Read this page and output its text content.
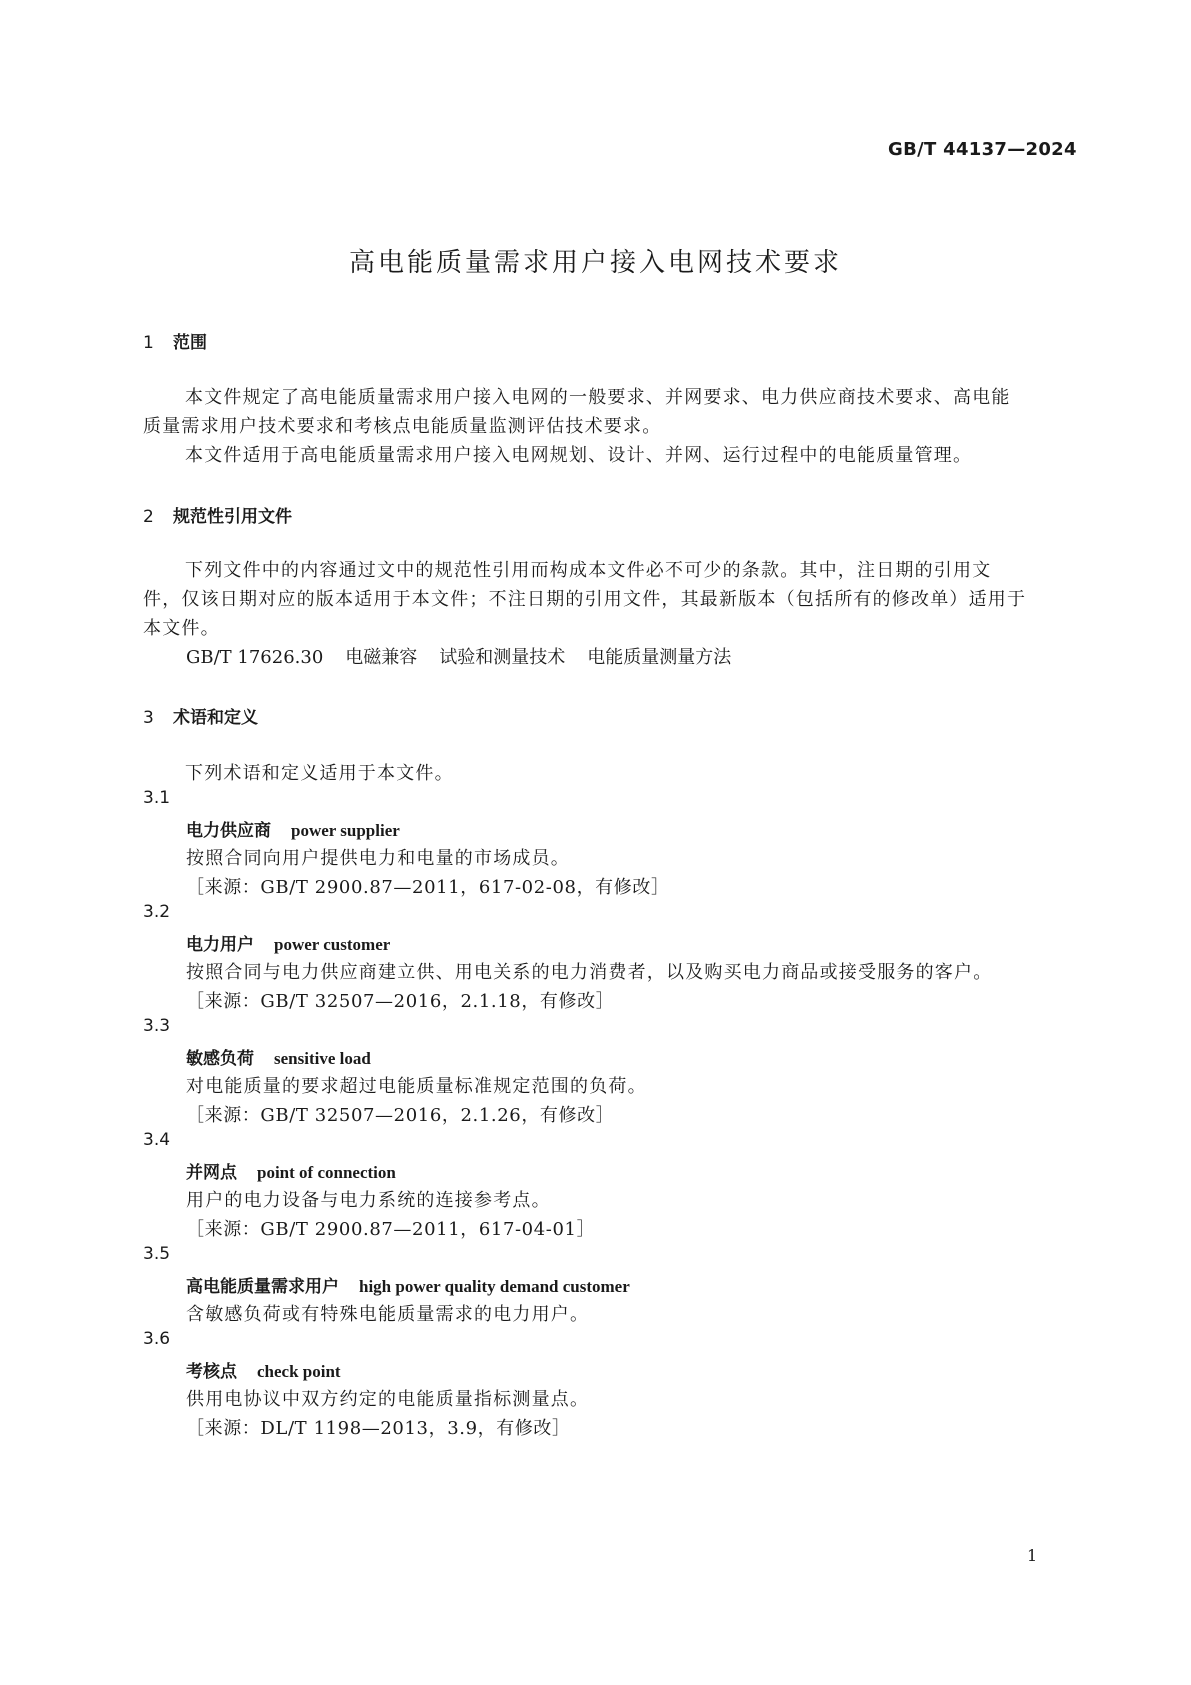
GB/T 44137—2024
高电能质量需求用户接入电网技术要求
1 范围
本文件规定了高电能质量需求用户接入电网的一般要求、并网要求、电力供应商技术要求、高电能
质量需求用户技术要求和考核点电能质量监测评估技术要求。
本文件适用于高电能质量需求用户接入电网规划、设计、并网、运行过程中的电能质量管理。
2 规范性引用文件
下列文件中的内容通过文中的规范性引用而构成本文件必不可少的条款。其中，注日期的引用文
件，仅该日期对应的版本适用于本文件；不注日期的引用文件，其最新版本（包括所有的修改单）适用于
本文件。
GB/T 17626.30 电磁兼容 试验和测量技术 电能质量测量方法
3 术语和定义
下列术语和定义适用于本文件。
3.1
电力供应商 power supplier
按照合同向用户提供电力和电量的市场成员。
［来源：GB/T 2900.87—2011，617-02-08，有修改］
3.2
电力用户 power customer
按照合同与电力供应商建立供、用电关系的电力消费者，以及购买电力商品或接受服务的客户。
［来源：GB/T 32507—2016，2.1.18，有修改］
3.3
敏感负荷 sensitive load
对电能质量的要求超过电能质量标准规定范围的负荷。
［来源：GB/T 32507—2016，2.1.26，有修改］
3.4
并网点 point of connection
用户的电力设备与电力系统的连接参考点。
［来源：GB/T 2900.87—2011，617-04-01］
3.5
高电能质量需求用户 high power quality demand customer
含敏感负荷或有特殊电能质量需求的电力用户。
3.6
考核点 check point
供用电协议中双方约定的电能质量指标测量点。
［来源：DL/T 1198—2013，3.9，有修改］
1
